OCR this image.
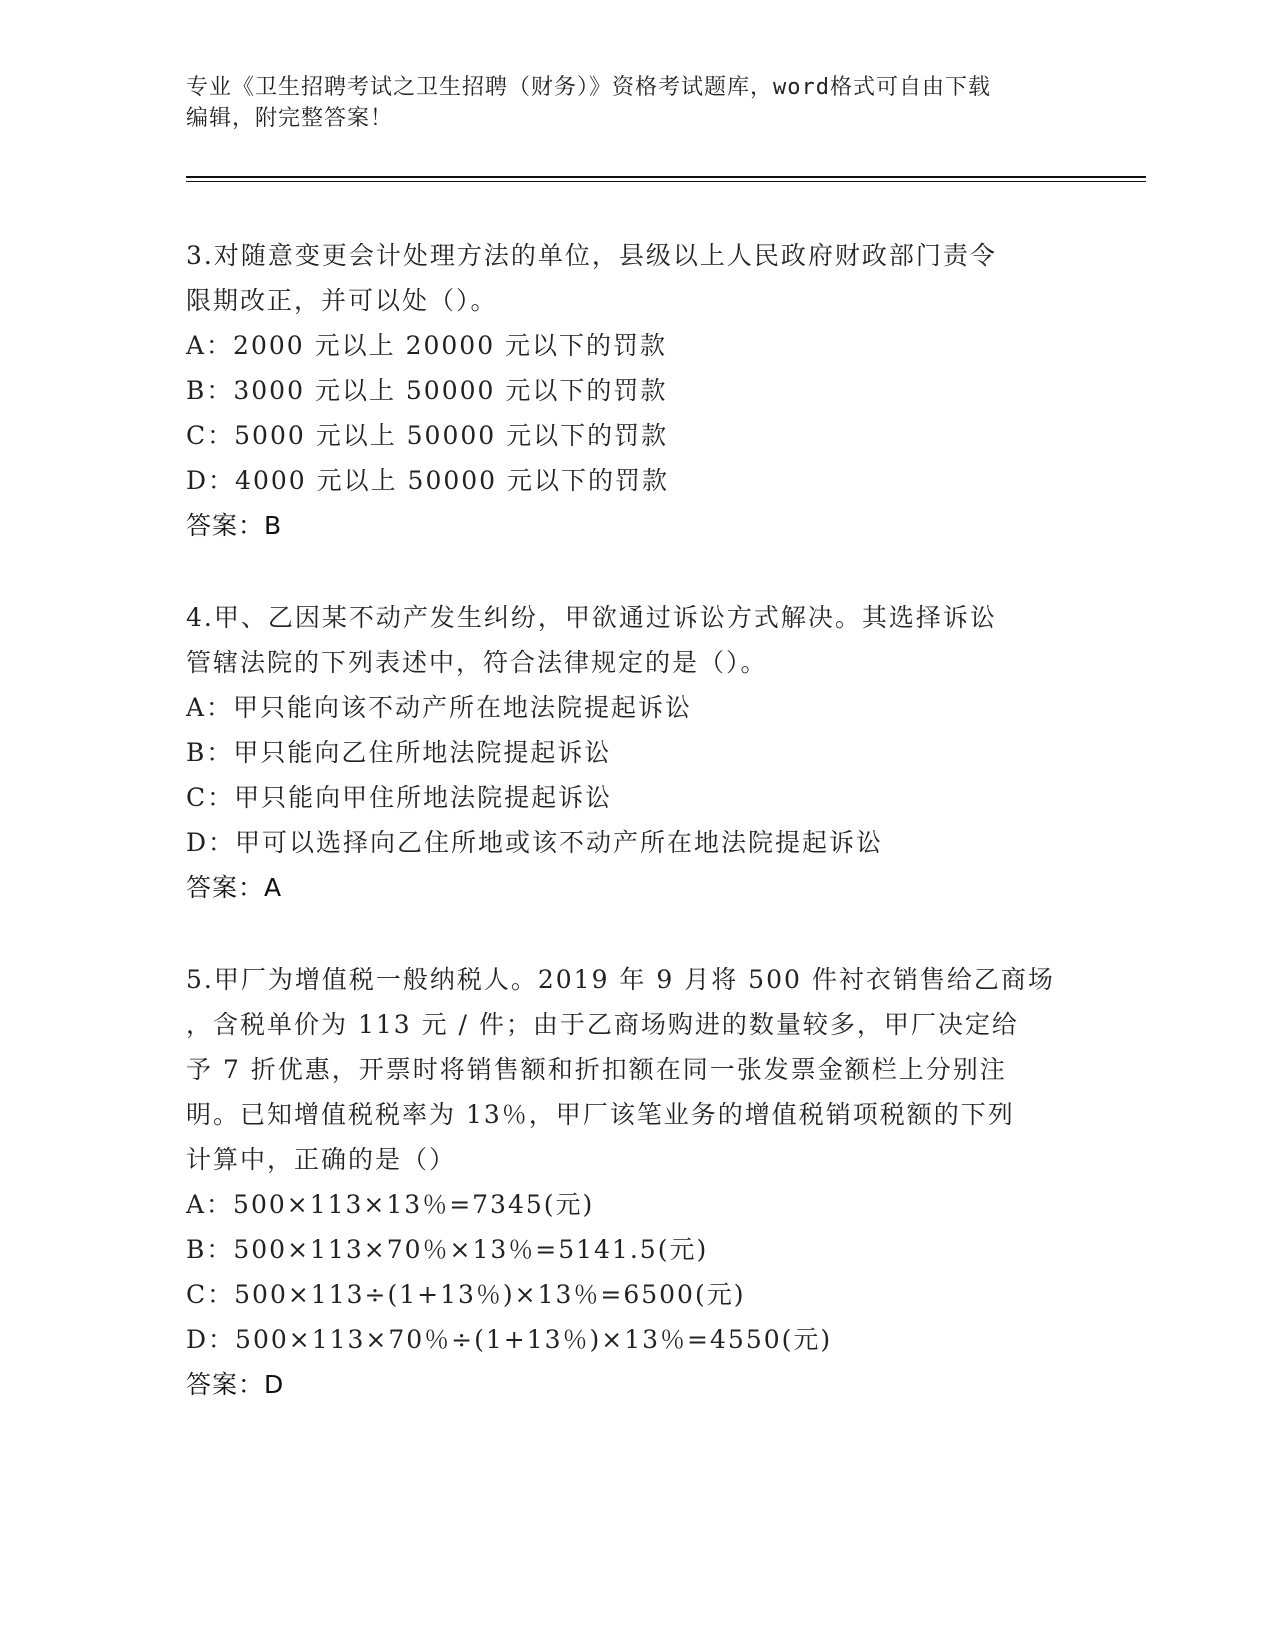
专业《卫生招聘考试之卫生招聘（财务）》资格考试题库，word格式可自由下载
编辑，附完整答案！
3.对随意变更会计处理方法的单位，县级以上人民政府财政部门责令
限期改正，并可以处（）。
A：2000 元以上 20000 元以下的罚款
B：3000 元以上 50000 元以下的罚款
C：5000 元以上 50000 元以下的罚款
D：4000 元以上 50000 元以下的罚款
答案：B
4.甲、乙因某不动产发生纠纷，甲欲通过诉讼方式解决。其选择诉讼
管辖法院的下列表述中，符合法律规定的是（）。
A：甲只能向该不动产所在地法院提起诉讼
B：甲只能向乙住所地法院提起诉讼
C：甲只能向甲住所地法院提起诉讼
D：甲可以选择向乙住所地或该不动产所在地法院提起诉讼
答案：A
5.甲厂为增值税一般纳税人。2019 年 9 月将 500 件衬衣销售给乙商场
，含税单价为 113 元 / 件；由于乙商场购进的数量较多，甲厂决定给
予 7 折优惠，开票时将销售额和折扣额在同一张发票金额栏上分别注
明。已知增值税税率为 13％，甲厂该笔业务的增值税销项税额的下列
计算中，正确的是（）
A：500×113×13％=7345(元)
B：500×113×70％×13％=5141.5(元)
C：500×113÷(1+13％)×13％=6500(元)
D：500×113×70％÷(1+13％)×13％=4550(元)
答案：D
